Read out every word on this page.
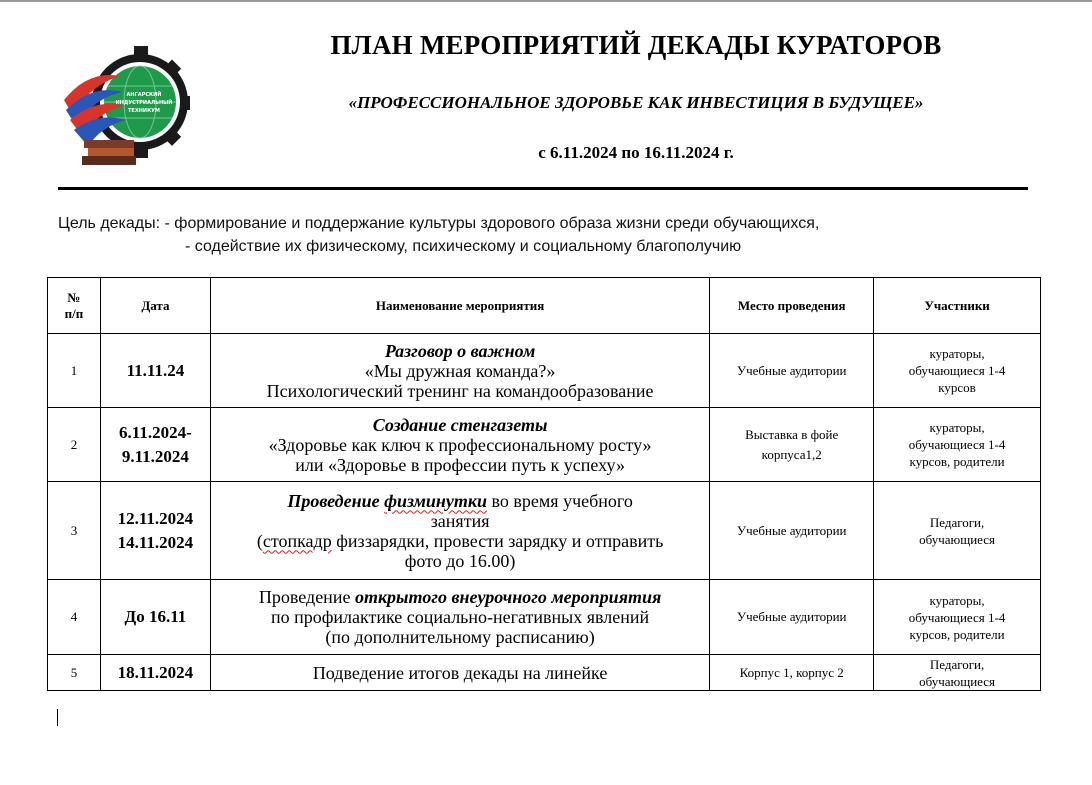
АНГАРСКИЙ
ИНДУСТРИАЛЬНЫЙ
ТЕХНИКУМ
ПЛАН МЕРОПРИЯТИЙ ДЕКАДЫ КУРАТОРОВ

«ПРОФЕССИОНАЛЬНОЕ ЗДОРОВЬЕ КАК ИНВЕСТИЦИЯ В БУДУЩЕЕ»

с 6.11.2024 по 16.11.2024 г.

Цель декады: - формирование и поддержание культуры здорового образа жизни среди обучающихся,

- содействие их физическому, психическому и социальному благополучию

№
п/п	Дата	Наименование мероприятия	Место проведения	Участники
1	11.11.24	Разговор о важном
«Мы дружная команда?»
Психологический тренинг на командообразование	Учебные аудитории	кураторы,
обучающиеся 1-4
курсов

2	6.11.2024-
9.11.2024	Создание стенгазеты
«Здоровье как ключ к профессиональному росту»
или «Здоровье в профессии путь к успеху»	Выставка в фойе
корпуса1,2	кураторы,
обучающиеся 1-4
курсов, родители

3	12.11.2024
14.11.2024	Проведение физминутки во время учебного
занятия
(стопкадр физзарядки, провести зарядку и отправить
фото до 16.00)	Учебные аудитории	Педагоги,
обучающиеся

4	До 16.11	Проведение открытого внеурочного мероприятия
по профилактике социально-негативных явлений
(по дополнительному расписанию)	Учебные аудитории	кураторы,
обучающиеся 1-4
курсов, родители

5	18.11.2024	Подведение итогов декады на линейке	Корпус 1, корпус 2	Педагоги,
обучающиеся
